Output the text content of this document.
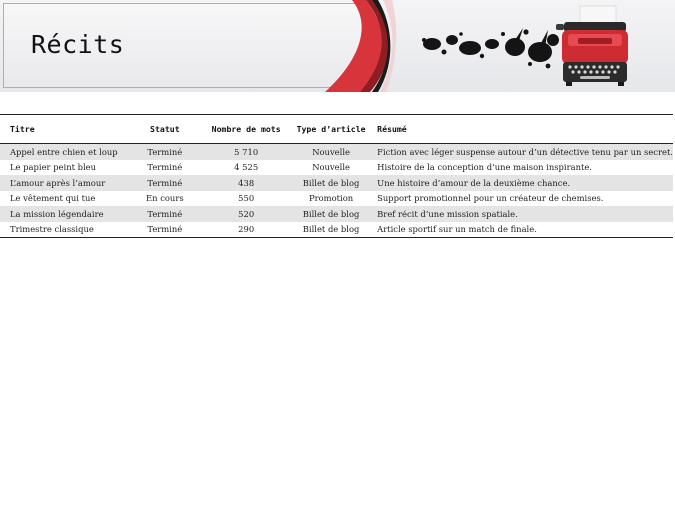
Récits
Titre	Statut	Nombre de mots	Type d’article	Résumé
Appel entre chien et loup	Terminé	5 710	Nouvelle	Fiction avec léger suspense autour d’un détective tenu par un secret.
Le papier peint bleu	Terminé	4 525	Nouvelle	Histoire de la conception d’une maison inspirante.
L’amour après l’amour	Terminé	438	Billet de blog	Une histoire d’amour de la deuxième chance.
Le vêtement qui tue	En cours	550	Promotion	Support promotionnel pour un créateur de chemises.
La mission légendaire	Terminé	520	Billet de blog	Bref récit d’une mission spatiale.
Trimestre classique	Terminé	290	Billet de blog	Article sportif sur un match de finale.
